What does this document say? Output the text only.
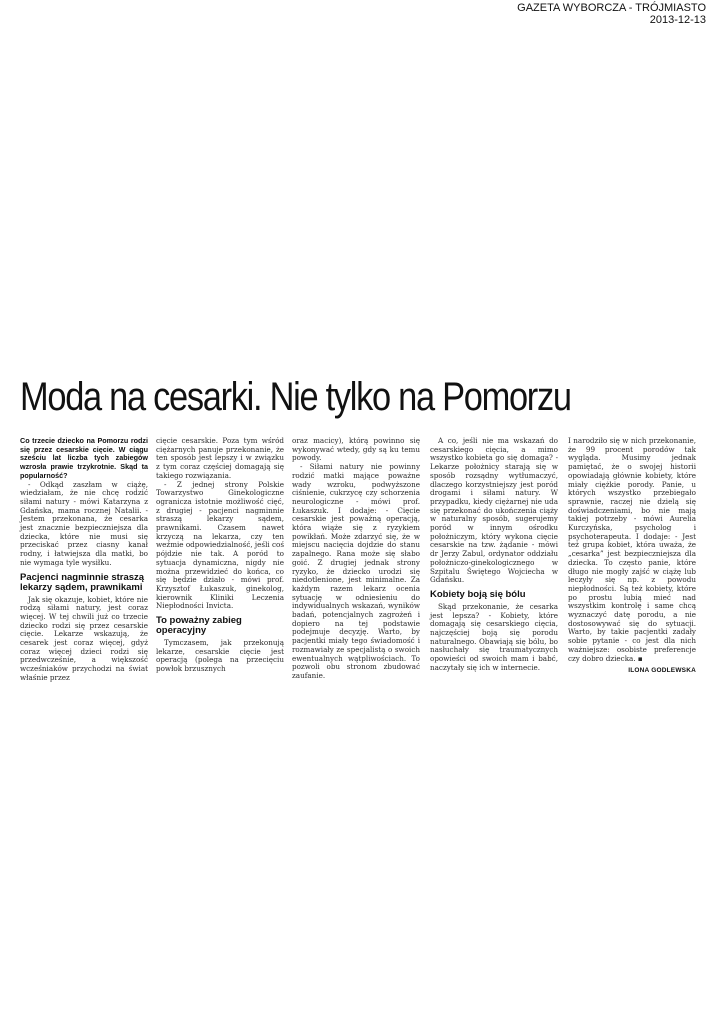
GAZETA WYBORCZA - TRÓJMIASTO
2013-12-13
Moda na cesarki. Nie tylko na Pomorzu

Co trzecie dziecko na Pomorzu rodzi się przez cesarskie cięcie. W ciągu sześciu lat liczba tych zabiegów wzrosła prawie trzykrotnie. Skąd ta popularność?

- Odkąd zaszłam w ciążę, wiedziałam, że nie chcę rodzić siłami natury - mówi Katarzyna z Gdańska, mama rocznej Natalii. - Jestem przekonana, że cesarka jest znacznie bezpieczniejsza dla dziecka, które nie musi się przeciskać przez ciasny kanał rodny, i łatwiejsza dla matki, bo nie wymaga tyle wysiłku.

Pacjenci nagminnie straszą lekarzy sądem, prawnikami

Jak się okazuje, kobiet, które nie rodzą siłami natury, jest coraz więcej. W tej chwili już co trzecie dziecko rodzi się przez cesarskie cięcie. Lekarze wskazują, że cesarek jest coraz więcej, gdyż coraz więcej dzieci rodzi się przedwcześnie, a większość wcześniaków przychodzi na świat właśnie przez

cięcie cesarskie. Poza tym wśród ciężarnych panuje przekonanie, że ten sposób jest lepszy i w związku z tym coraz częściej domagają się takiego rozwiązania.

- Z jednej strony Polskie Towarzystwo Ginekologiczne ogranicza istotnie możliwość cięć, z drugiej - pacjenci nagminnie straszą lekarzy sądem, prawnikami. Czasem nawet krzyczą na lekarza, czy ten weźmie odpowiedzialność, jeśli coś pójdzie nie tak. A poród to sytuacja dynamiczna, nigdy nie można przewidzieć do końca, co się będzie działo - mówi prof. Krzysztof Łukaszuk, ginekolog, kierownik Kliniki Leczenia Niepłodności Invicta.

To poważny zabieg operacyjny

Tymczasem, jak przekonują lekarze, cesarskie cięcie jest operacją (polega na przecięciu powłok brzusznych

oraz macicy), którą powinno się wykonywać wtedy, gdy są ku temu powody.

- Siłami natury nie powinny rodzić matki mające poważne wady wzroku, podwyższone ciśnienie, cukrzycę czy schorzenia neurologiczne - mówi prof. Łukaszuk. I dodaje: - Cięcie cesarskie jest poważną operacją, która wiąże się z ryzykiem powikłań. Może zdarzyć się, że w miejscu nacięcia dojdzie do stanu zapalnego. Rana może się słabo goić. Z drugiej jednak strony ryzyko, że dziecko urodzi się niedotlenione, jest minimalne. Za każdym razem lekarz ocenia sytuację w odniesieniu do indywidualnych wskazań, wyników badań, potencjalnych zagrożeń i dopiero na tej podstawie podejmuje decyzję. Warto, by pacjentki miały tego świadomość i rozmawiały ze specjalistą o swoich ewentualnych wątpliwościach. To pozwoli obu stronom zbudować zaufanie.

A co, jeśli nie ma wskazań do cesarskiego cięcia, a mimo wszystko kobieta go się domaga? - Lekarze położnicy starają się w sposób rozsądny wytłumaczyć, dlaczego korzystniejszy jest poród drogami i siłami natury. W przypadku, kiedy ciężarnej nie uda się przekonać do ukończenia ciąży w naturalny sposób, sugerujemy poród w innym ośrodku położniczym, który wykona cięcie cesarskie na tzw. żądanie - mówi dr Jerzy Zabul, ordynator oddziału położniczo-ginekologicznego w Szpitalu Świętego Wojciecha w Gdańsku.

Kobiety boją się bólu

Skąd przekonanie, że cesarka jest lepsza? - Kobiety, które domagają się cesarskiego cięcia, najczęściej boją się porodu naturalnego. Obawiają się bólu, bo nasłuchały się traumatycznych opowieści od swoich mam i babć, naczytały się ich w internecie.

I narodziło się w nich przekonanie, że 99 procent porodów tak wygląda. Musimy jednak pamiętać, że o swojej historii opowiadają głównie kobiety, które miały ciężkie porody. Panie, u których wszystko przebiegało sprawnie, raczej nie dzielą się doświadczeniami, bo nie mają takiej potrzeby - mówi Aurelia Kurczyńska, psycholog i psychoterapeuta. I dodaje: - Jest też grupa kobiet, która uważa, że „cesarka” jest bezpieczniejsza dla dziecka. To często panie, które długo nie mogły zajść w ciążę lub leczyły się np. z powodu niepłodności. Są też kobiety, które po prostu lubią mieć nad wszystkim kontrolę i same chcą wyznaczyć datę porodu, a nie dostosowywać się do sytuacji. Warto, by takie pacjentki zadały sobie pytanie - co jest dla nich ważniejsze: osobiste preferencje czy dobro dziecka. ▪

ILONA GODLEWSKA
